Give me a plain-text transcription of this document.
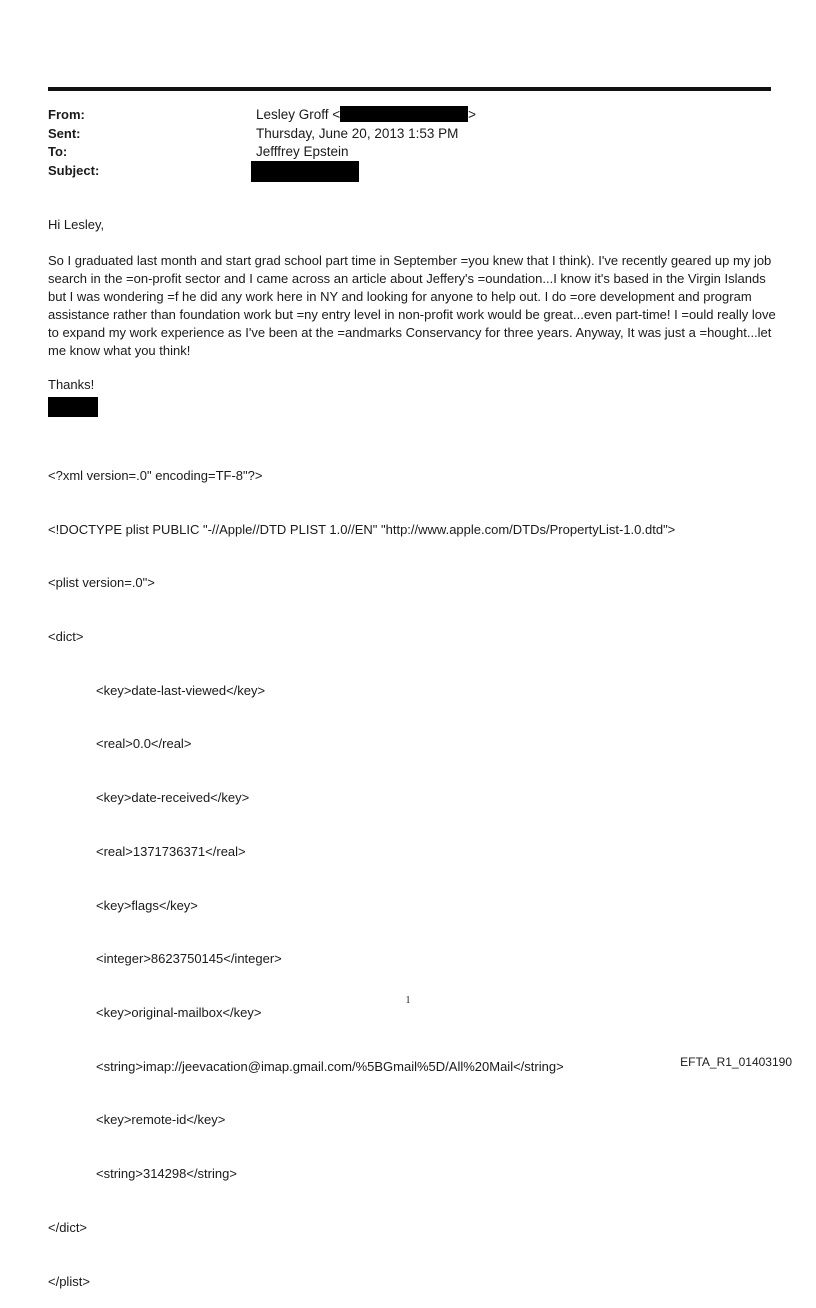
From:	Lesley Groff <	>
Sent:	Thursday, June 20, 2013 1:53 PM
To:	Jefffrey Epstein
Subject:
Hi Lesley,
So I graduated last month and start grad school part time in September =you knew that I think). I've recently geared up my job search in the =on-profit sector and I came across an article about Jeffery's =oundation...I know it's based in the Virgin Islands but I was wondering =f he did any work here in NY and looking for anyone to help out. I do =ore development and program assistance rather than foundation work but =ny entry level in non-profit work would be great...even part-time! I =ould really love to expand my work experience as I've been at the =andmarks Conservancy for three years. Anyway, It was just a =hought...let me know what you think!
Thanks!

<?xml version=.0" encoding=TF-8"?>

<!DOCTYPE plist PUBLIC "-//Apple//DTD PLIST 1.0//EN" "http://www.apple.com/DTDs/PropertyList-1.0.dtd">

<plist version=.0">

<dict>

<key>date-last-viewed</key>

<real>0.0</real>

<key>date-received</key>

<real>1371736371</real>

<key>flags</key>

<integer>8623750145</integer>

<key>original-mailbox</key>

<string>imap://jeevacation@imap.gmail.com/%5BGmail%5D/All%20Mail</string>

<key>remote-id</key>

<string>314298</string>

</dict>

</plist>

1
EFTA_R1_01403190
